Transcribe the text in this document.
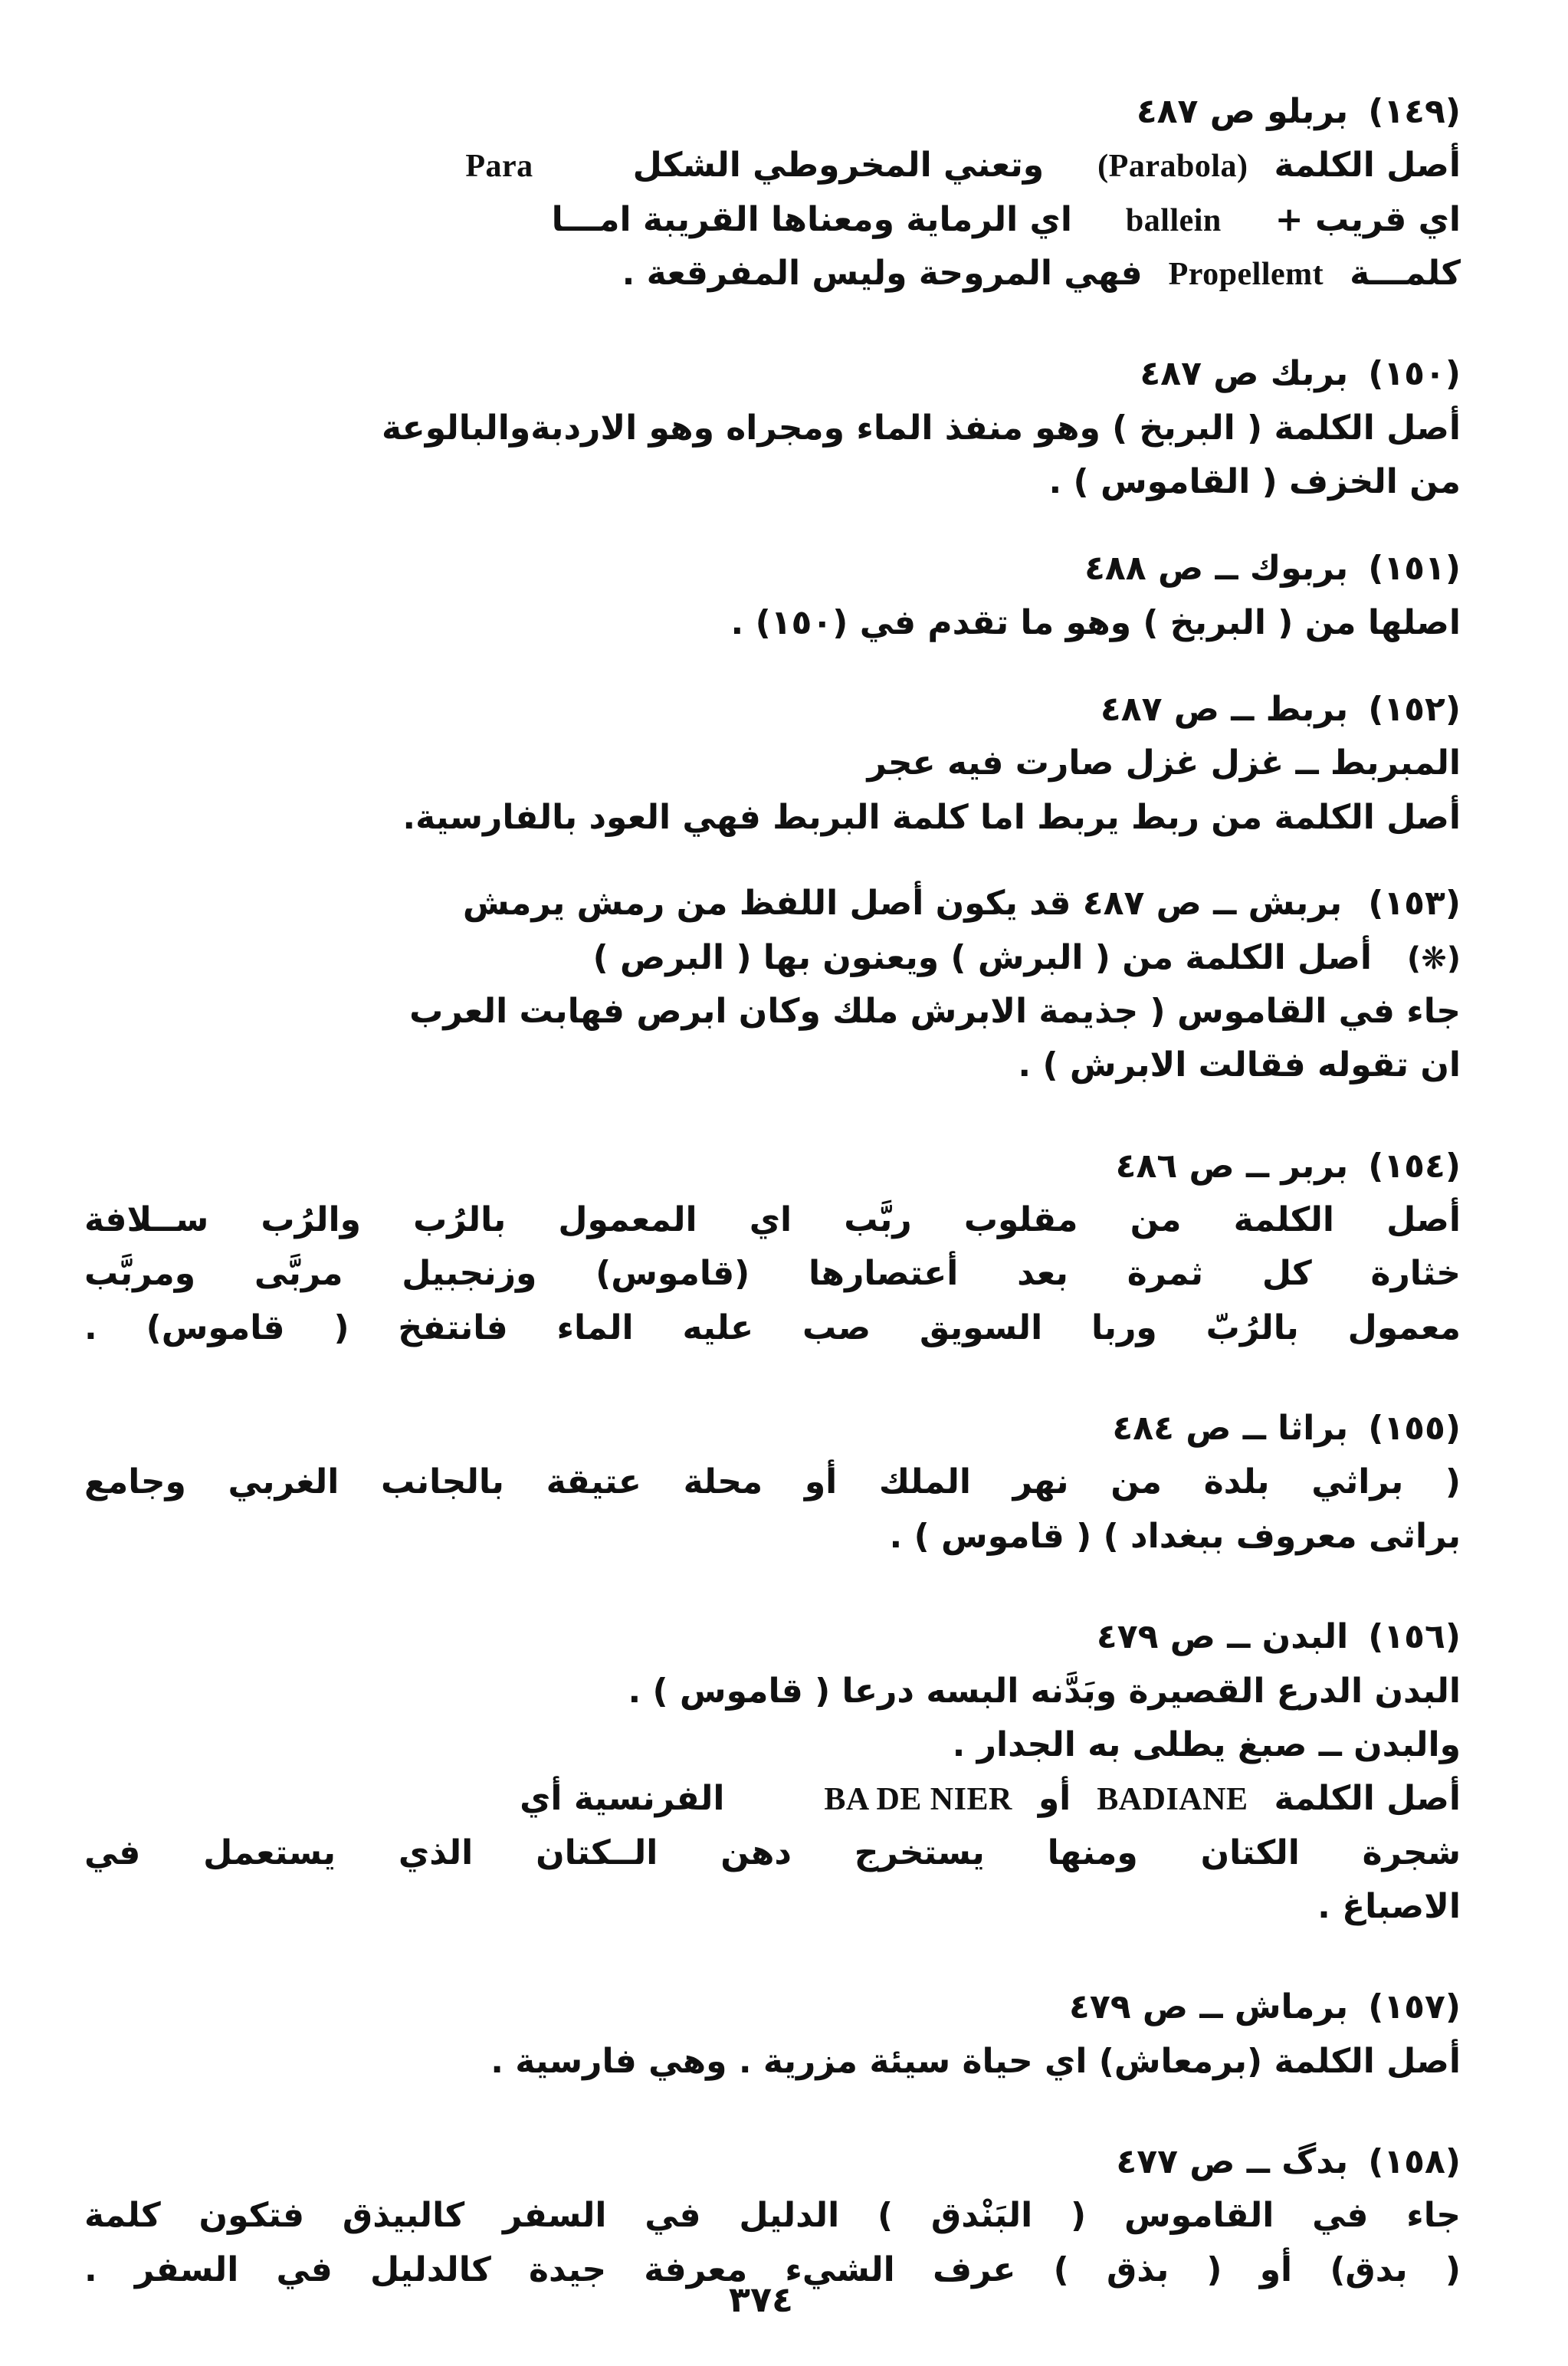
(١٤٩)بربلو ص ٤٨٧
أصل الكلمة(Parabola)وتعني المخروطي الشكلPara
اي قريب +balleinاي الرماية ومعناها القريبة امـــا
كلمـــةPropellemtفهي المروحة وليس المفرقعة .
(١٥٠)بربك ص ٤٨٧
أصل الكلمة ( البربخ ) وهو منفذ الماء ومجراه وهو الاردبةوالبالوعة
من الخزف ( القاموس ) .
(١٥١)بربوك ــ ص ٤٨٨
اصلها من ( البربخ ) وهو ما تقدم في (١٥٠) .
(١٥٢)بربط ــ ص ٤٨٧
المبربط ــ غزل غزل صارت فيه عجر
أصل الكلمة من ربط يربط اما كلمة البربط فهي العود بالفارسية.
(١٥٣)بربش ــ ص ٤٨٧ قد يكون أصل اللفظ من رمش يرمش
(❋)أصل الكلمة من ( البرش ) ويعنون بها ( البرص )
جاء في القاموس ( جذيمة الابرش ملك وكان ابرص فهابت العرب
ان تقوله فقالت الابرش ) .
(١٥٤)بربر ــ ص ٤٨٦
أصل الكلمة من مقلوب ربَّب اي المعمول بالرُب والرُب ســلافة
خثارة كل ثمرة بعد أعتصارها (قاموس) وزنجبيل مربَّى ومربَّب
معمول بالرُبّ وربا السويق صب عليه الماء فانتفخ ( قاموس) .
(١٥٥)براثا ــ ص ٤٨٤
( براثي بلدة من نهر الملك أو محلة عتيقة بالجانب الغربي وجامع
براثى معروف ببغداد ) ( قاموس ) .
(١٥٦)البدن ــ ص ٤٧٩
البدن الدرع القصيرة وبَدَّنه البسه درعا ( قاموس ) .
والبدن ــ صبغ يطلى به الجدار .
أصل الكلمةBADIANEأوBA DE NIERالفرنسية أي
شجرة الكتان ومنها يستخرج دهن الــكتان الذي يستعمل في
الاصباغ .
(١٥٧)برماش ــ ص ٤٧٩
أصل الكلمة (برمعاش) اي حياة سيئة مزرية . وهي فارسية .
(١٥٨)بدگ ــ ص ٤٧٧
جاء في القاموس ( البَنْدق ) الدليل في السفر كالبيذق فتكون كلمة
( بدق) أو ( بذق ) عرف الشيء معرفة جيدة كالدليل في السفر .
٣٧٤
